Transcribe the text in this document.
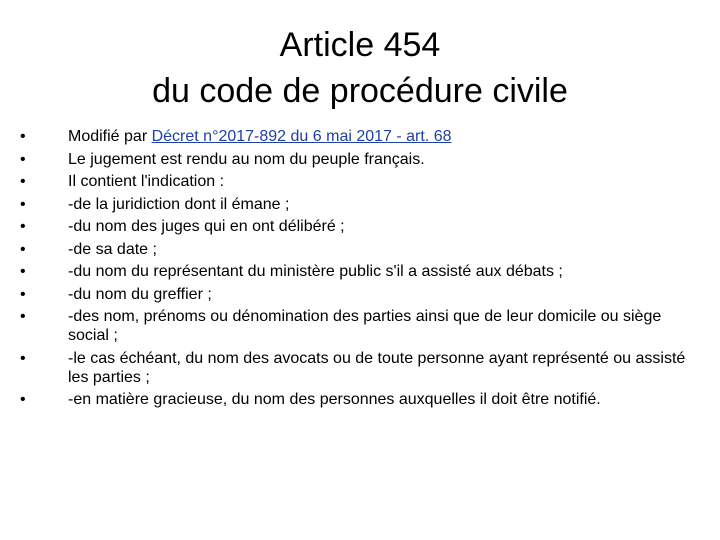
Article 454
du code de procédure civile
•	Modifié par Décret n°2017-892 du 6 mai 2017 - art. 68
•	Le jugement est rendu au nom du peuple français.
•	Il contient l'indication :
•	-de la juridiction dont il émane ;
•	-du nom des juges qui en ont délibéré ;
•	-de sa date ;
•	-du nom du représentant du ministère public s'il a assisté aux débats ;
•	-du nom du greffier ;
•	-des nom, prénoms ou dénomination des parties ainsi que de leur domicile ou siège social ;
•	-le cas échéant, du nom des avocats ou de toute personne ayant représenté ou assisté les parties ;
•	-en matière gracieuse, du nom des personnes auxquelles il doit être notifié.
